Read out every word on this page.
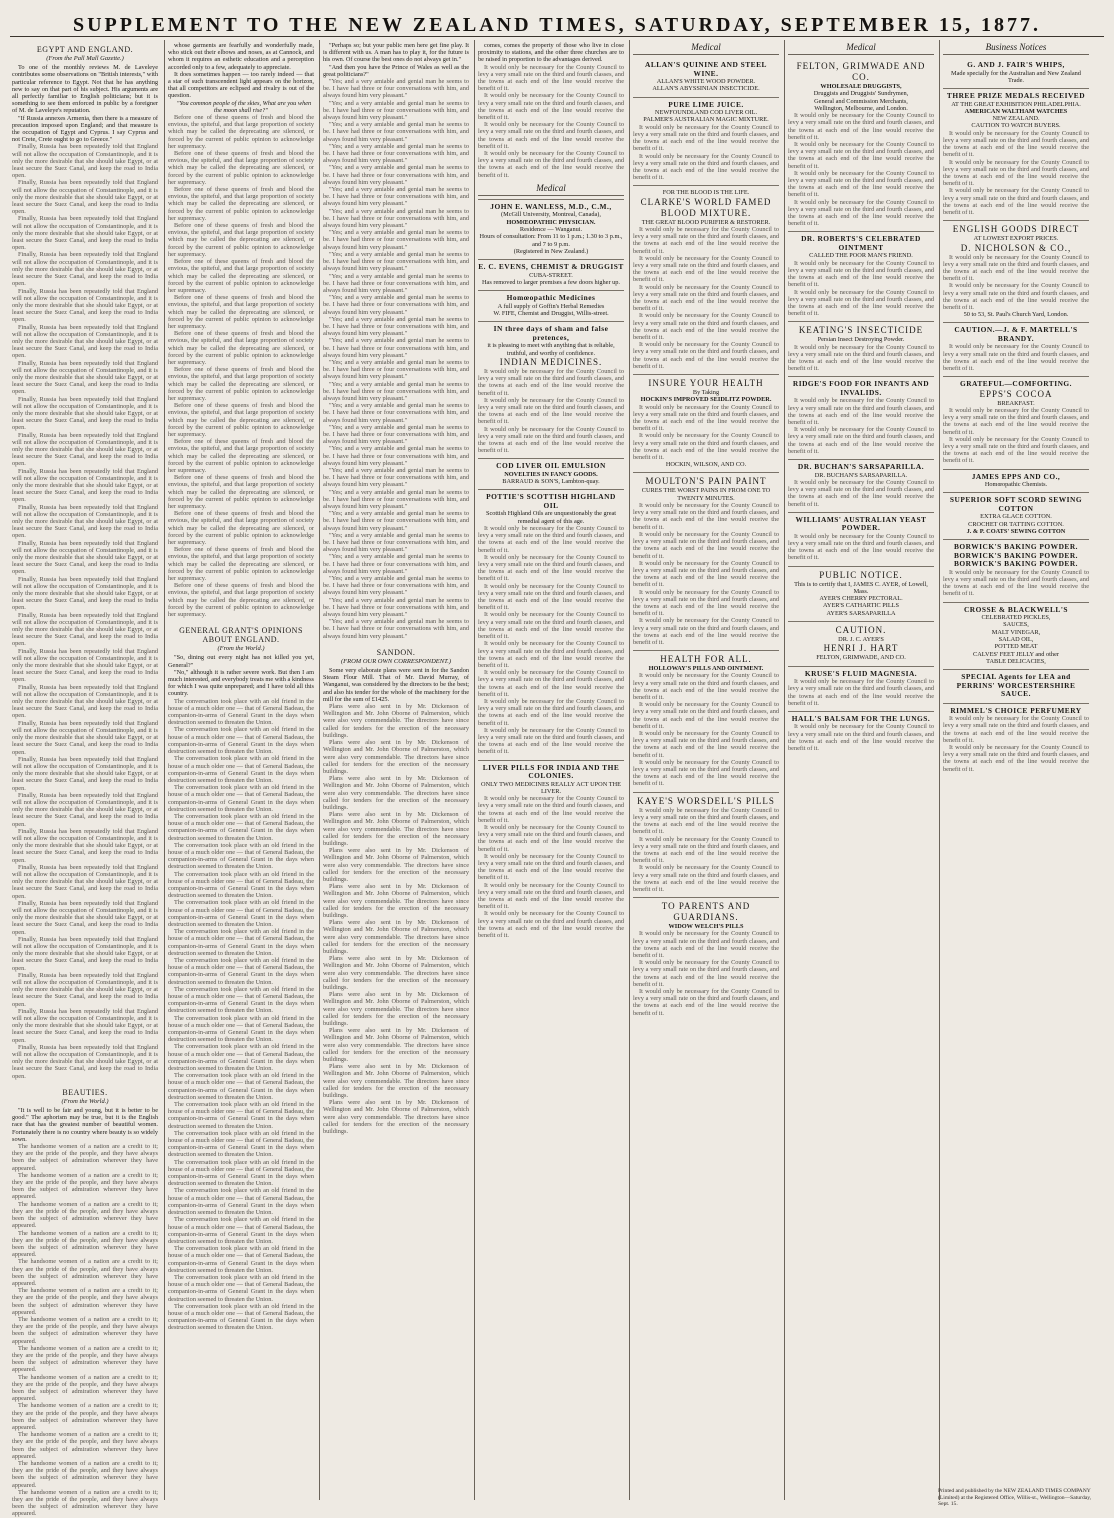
SUPPLEMENT TO THE NEW ZEALAND TIMES, SATURDAY, SEPTEMBER 15, 1877.
EGYPT AND ENGLAND.
(From the Pall Mall Gazette.)

To one of the monthly reviews M. de Laveleye contributes some observations on "British interests," with particular reference to Egypt. Not that he has anything new to say on that part of his subject. His arguments are all perfectly familiar to English politicians; but it is something to see them enforced in public by a foreigner of M. de Laveleye's reputation.

"If Russia annexes Armenia, then there is a measure of precaution imposed upon England; and that measure is the occupation of Egypt and Cyprus. I say Cyprus and not Crete, Crete ought to go to Greece."

Finally, Russia has been repeatedly told that England will not allow the occupation of Constantinople, and it is only the more desirable that she should take Egypt, or at least secure the Suez Canal, and keep the road to India open.

Finally, Russia has been repeatedly told that England will not allow the occupation of Constantinople, and it is only the more desirable that she should take Egypt, or at least secure the Suez Canal, and keep the road to India open.

Finally, Russia has been repeatedly told that England will not allow the occupation of Constantinople, and it is only the more desirable that she should take Egypt, or at least secure the Suez Canal, and keep the road to India open.

Finally, Russia has been repeatedly told that England will not allow the occupation of Constantinople, and it is only the more desirable that she should take Egypt, or at least secure the Suez Canal, and keep the road to India open.

Finally, Russia has been repeatedly told that England will not allow the occupation of Constantinople, and it is only the more desirable that she should take Egypt, or at least secure the Suez Canal, and keep the road to India open.

Finally, Russia has been repeatedly told that England will not allow the occupation of Constantinople, and it is only the more desirable that she should take Egypt, or at least secure the Suez Canal, and keep the road to India open.

Finally, Russia has been repeatedly told that England will not allow the occupation of Constantinople, and it is only the more desirable that she should take Egypt, or at least secure the Suez Canal, and keep the road to India open.

Finally, Russia has been repeatedly told that England will not allow the occupation of Constantinople, and it is only the more desirable that she should take Egypt, or at least secure the Suez Canal, and keep the road to India open.

Finally, Russia has been repeatedly told that England will not allow the occupation of Constantinople, and it is only the more desirable that she should take Egypt, or at least secure the Suez Canal, and keep the road to India open.

Finally, Russia has been repeatedly told that England will not allow the occupation of Constantinople, and it is only the more desirable that she should take Egypt, or at least secure the Suez Canal, and keep the road to India open.

Finally, Russia has been repeatedly told that England will not allow the occupation of Constantinople, and it is only the more desirable that she should take Egypt, or at least secure the Suez Canal, and keep the road to India open.

Finally, Russia has been repeatedly told that England will not allow the occupation of Constantinople, and it is only the more desirable that she should take Egypt, or at least secure the Suez Canal, and keep the road to India open.

Finally, Russia has been repeatedly told that England will not allow the occupation of Constantinople, and it is only the more desirable that she should take Egypt, or at least secure the Suez Canal, and keep the road to India open.

Finally, Russia has been repeatedly told that England will not allow the occupation of Constantinople, and it is only the more desirable that she should take Egypt, or at least secure the Suez Canal, and keep the road to India open.

Finally, Russia has been repeatedly told that England will not allow the occupation of Constantinople, and it is only the more desirable that she should take Egypt, or at least secure the Suez Canal, and keep the road to India open.

Finally, Russia has been repeatedly told that England will not allow the occupation of Constantinople, and it is only the more desirable that she should take Egypt, or at least secure the Suez Canal, and keep the road to India open.

Finally, Russia has been repeatedly told that England will not allow the occupation of Constantinople, and it is only the more desirable that she should take Egypt, or at least secure the Suez Canal, and keep the road to India open.

Finally, Russia has been repeatedly told that England will not allow the occupation of Constantinople, and it is only the more desirable that she should take Egypt, or at least secure the Suez Canal, and keep the road to India open.

Finally, Russia has been repeatedly told that England will not allow the occupation of Constantinople, and it is only the more desirable that she should take Egypt, or at least secure the Suez Canal, and keep the road to India open.

Finally, Russia has been repeatedly told that England will not allow the occupation of Constantinople, and it is only the more desirable that she should take Egypt, or at least secure the Suez Canal, and keep the road to India open.

Finally, Russia has been repeatedly told that England will not allow the occupation of Constantinople, and it is only the more desirable that she should take Egypt, or at least secure the Suez Canal, and keep the road to India open.

Finally, Russia has been repeatedly told that England will not allow the occupation of Constantinople, and it is only the more desirable that she should take Egypt, or at least secure the Suez Canal, and keep the road to India open.

Finally, Russia has been repeatedly told that England will not allow the occupation of Constantinople, and it is only the more desirable that she should take Egypt, or at least secure the Suez Canal, and keep the road to India open.

Finally, Russia has been repeatedly told that England will not allow the occupation of Constantinople, and it is only the more desirable that she should take Egypt, or at least secure the Suez Canal, and keep the road to India open.

Finally, Russia has been repeatedly told that England will not allow the occupation of Constantinople, and it is only the more desirable that she should take Egypt, or at least secure the Suez Canal, and keep the road to India open.

Finally, Russia has been repeatedly told that England will not allow the occupation of Constantinople, and it is only the more desirable that she should take Egypt, or at least secure the Suez Canal, and keep the road to India open.

BEAUTIES.
(From the World.)

"It is well to be fair and young, but it is better to be good." The aphorism may be true, but it is the English race that has the greatest number of beautiful women. Fortunately there is no country where beauty is so widely sown.

The handsome women of a nation are a credit to it; they are the pride of the people, and they have always been the subject of admiration wherever they have appeared.

The handsome women of a nation are a credit to it; they are the pride of the people, and they have always been the subject of admiration wherever they have appeared.

The handsome women of a nation are a credit to it; they are the pride of the people, and they have always been the subject of admiration wherever they have appeared.

The handsome women of a nation are a credit to it; they are the pride of the people, and they have always been the subject of admiration wherever they have appeared.

The handsome women of a nation are a credit to it; they are the pride of the people, and they have always been the subject of admiration wherever they have appeared.

The handsome women of a nation are a credit to it; they are the pride of the people, and they have always been the subject of admiration wherever they have appeared.

The handsome women of a nation are a credit to it; they are the pride of the people, and they have always been the subject of admiration wherever they have appeared.

The handsome women of a nation are a credit to it; they are the pride of the people, and they have always been the subject of admiration wherever they have appeared.

The handsome women of a nation are a credit to it; they are the pride of the people, and they have always been the subject of admiration wherever they have appeared.

The handsome women of a nation are a credit to it; they are the pride of the people, and they have always been the subject of admiration wherever they have appeared.

The handsome women of a nation are a credit to it; they are the pride of the people, and they have always been the subject of admiration wherever they have appeared.

The handsome women of a nation are a credit to it; they are the pride of the people, and they have always been the subject of admiration wherever they have appeared.

The handsome women of a nation are a credit to it; they are the pride of the people, and they have always been the subject of admiration wherever they have appeared.

whose garments are fearfully and wonderfully made, who stick out their elbows and noses, as at Cannock, and whom it requires an esthetic education and a perception accorded only to a few, adequately to appreciate.

It does sometimes happen — too rarely indeed — that a star of such transcendent light appears on the horizon, that all competitors are eclipsed and rivalry is out of the question.

"You common people of the skies, What are you when the moon shall rise?"

Before one of these queens of fresh and blood the envious, the spiteful, and that large proportion of society which may be called the deprecating are silenced, or forced by the current of public opinion to acknowledge her supremacy.

Before one of these queens of fresh and blood the envious, the spiteful, and that large proportion of society which may be called the deprecating are silenced, or forced by the current of public opinion to acknowledge her supremacy.

Before one of these queens of fresh and blood the envious, the spiteful, and that large proportion of society which may be called the deprecating are silenced, or forced by the current of public opinion to acknowledge her supremacy.

Before one of these queens of fresh and blood the envious, the spiteful, and that large proportion of society which may be called the deprecating are silenced, or forced by the current of public opinion to acknowledge her supremacy.

Before one of these queens of fresh and blood the envious, the spiteful, and that large proportion of society which may be called the deprecating are silenced, or forced by the current of public opinion to acknowledge her supremacy.

Before one of these queens of fresh and blood the envious, the spiteful, and that large proportion of society which may be called the deprecating are silenced, or forced by the current of public opinion to acknowledge her supremacy.

Before one of these queens of fresh and blood the envious, the spiteful, and that large proportion of society which may be called the deprecating are silenced, or forced by the current of public opinion to acknowledge her supremacy.

Before one of these queens of fresh and blood the envious, the spiteful, and that large proportion of society which may be called the deprecating are silenced, or forced by the current of public opinion to acknowledge her supremacy.

Before one of these queens of fresh and blood the envious, the spiteful, and that large proportion of society which may be called the deprecating are silenced, or forced by the current of public opinion to acknowledge her supremacy.

Before one of these queens of fresh and blood the envious, the spiteful, and that large proportion of society which may be called the deprecating are silenced, or forced by the current of public opinion to acknowledge her supremacy.

Before one of these queens of fresh and blood the envious, the spiteful, and that large proportion of society which may be called the deprecating are silenced, or forced by the current of public opinion to acknowledge her supremacy.

Before one of these queens of fresh and blood the envious, the spiteful, and that large proportion of society which may be called the deprecating are silenced, or forced by the current of public opinion to acknowledge her supremacy.

Before one of these queens of fresh and blood the envious, the spiteful, and that large proportion of society which may be called the deprecating are silenced, or forced by the current of public opinion to acknowledge her supremacy.

Before one of these queens of fresh and blood the envious, the spiteful, and that large proportion of society which may be called the deprecating are silenced, or forced by the current of public opinion to acknowledge her supremacy.

GENERAL GRANT'S OPINIONS ABOUT ENGLAND.
(From the World.)

"So, dining out every night has not killed you yet, General?"

"No," although it is rather severe work. But then I am much interested, and everybody treats me with a kindness for which I was quite unprepared; and I have told all this country.

The conversation took place with an old friend in the house of a much older one — that of General Badeau, the companion-in-arms of General Grant in the days when destruction seemed to threaten the Union.

The conversation took place with an old friend in the house of a much older one — that of General Badeau, the companion-in-arms of General Grant in the days when destruction seemed to threaten the Union.

The conversation took place with an old friend in the house of a much older one — that of General Badeau, the companion-in-arms of General Grant in the days when destruction seemed to threaten the Union.

The conversation took place with an old friend in the house of a much older one — that of General Badeau, the companion-in-arms of General Grant in the days when destruction seemed to threaten the Union.

The conversation took place with an old friend in the house of a much older one — that of General Badeau, the companion-in-arms of General Grant in the days when destruction seemed to threaten the Union.

The conversation took place with an old friend in the house of a much older one — that of General Badeau, the companion-in-arms of General Grant in the days when destruction seemed to threaten the Union.

The conversation took place with an old friend in the house of a much older one — that of General Badeau, the companion-in-arms of General Grant in the days when destruction seemed to threaten the Union.

The conversation took place with an old friend in the house of a much older one — that of General Badeau, the companion-in-arms of General Grant in the days when destruction seemed to threaten the Union.

The conversation took place with an old friend in the house of a much older one — that of General Badeau, the companion-in-arms of General Grant in the days when destruction seemed to threaten the Union.

The conversation took place with an old friend in the house of a much older one — that of General Badeau, the companion-in-arms of General Grant in the days when destruction seemed to threaten the Union.

The conversation took place with an old friend in the house of a much older one — that of General Badeau, the companion-in-arms of General Grant in the days when destruction seemed to threaten the Union.

The conversation took place with an old friend in the house of a much older one — that of General Badeau, the companion-in-arms of General Grant in the days when destruction seemed to threaten the Union.

The conversation took place with an old friend in the house of a much older one — that of General Badeau, the companion-in-arms of General Grant in the days when destruction seemed to threaten the Union.

The conversation took place with an old friend in the house of a much older one — that of General Badeau, the companion-in-arms of General Grant in the days when destruction seemed to threaten the Union.

The conversation took place with an old friend in the house of a much older one — that of General Badeau, the companion-in-arms of General Grant in the days when destruction seemed to threaten the Union.

The conversation took place with an old friend in the house of a much older one — that of General Badeau, the companion-in-arms of General Grant in the days when destruction seemed to threaten the Union.

The conversation took place with an old friend in the house of a much older one — that of General Badeau, the companion-in-arms of General Grant in the days when destruction seemed to threaten the Union.

The conversation took place with an old friend in the house of a much older one — that of General Badeau, the companion-in-arms of General Grant in the days when destruction seemed to threaten the Union.

The conversation took place with an old friend in the house of a much older one — that of General Badeau, the companion-in-arms of General Grant in the days when destruction seemed to threaten the Union.

The conversation took place with an old friend in the house of a much older one — that of General Badeau, the companion-in-arms of General Grant in the days when destruction seemed to threaten the Union.

The conversation took place with an old friend in the house of a much older one — that of General Badeau, the companion-in-arms of General Grant in the days when destruction seemed to threaten the Union.

The conversation took place with an old friend in the house of a much older one — that of General Badeau, the companion-in-arms of General Grant in the days when destruction seemed to threaten the Union.

"Perhaps so; but your public men here get fine play. It is different with us. A man has to play it, for the future is his own. Of course the best ones do not always get in."

"And then you have the Prince of Wales as well as the great politicians?"

"Yes; and a very amiable and genial man he seems to be. I have had three or four conversations with him, and always found him very pleasant."

"Yes; and a very amiable and genial man he seems to be. I have had three or four conversations with him, and always found him very pleasant."

"Yes; and a very amiable and genial man he seems to be. I have had three or four conversations with him, and always found him very pleasant."

"Yes; and a very amiable and genial man he seems to be. I have had three or four conversations with him, and always found him very pleasant."

"Yes; and a very amiable and genial man he seems to be. I have had three or four conversations with him, and always found him very pleasant."

"Yes; and a very amiable and genial man he seems to be. I have had three or four conversations with him, and always found him very pleasant."

"Yes; and a very amiable and genial man he seems to be. I have had three or four conversations with him, and always found him very pleasant."

"Yes; and a very amiable and genial man he seems to be. I have had three or four conversations with him, and always found him very pleasant."

"Yes; and a very amiable and genial man he seems to be. I have had three or four conversations with him, and always found him very pleasant."

"Yes; and a very amiable and genial man he seems to be. I have had three or four conversations with him, and always found him very pleasant."

"Yes; and a very amiable and genial man he seems to be. I have had three or four conversations with him, and always found him very pleasant."

"Yes; and a very amiable and genial man he seems to be. I have had three or four conversations with him, and always found him very pleasant."

"Yes; and a very amiable and genial man he seems to be. I have had three or four conversations with him, and always found him very pleasant."

"Yes; and a very amiable and genial man he seems to be. I have had three or four conversations with him, and always found him very pleasant."

"Yes; and a very amiable and genial man he seems to be. I have had three or four conversations with him, and always found him very pleasant."

"Yes; and a very amiable and genial man he seems to be. I have had three or four conversations with him, and always found him very pleasant."

"Yes; and a very amiable and genial man he seems to be. I have had three or four conversations with him, and always found him very pleasant."

"Yes; and a very amiable and genial man he seems to be. I have had three or four conversations with him, and always found him very pleasant."

"Yes; and a very amiable and genial man he seems to be. I have had three or four conversations with him, and always found him very pleasant."

"Yes; and a very amiable and genial man he seems to be. I have had three or four conversations with him, and always found him very pleasant."

"Yes; and a very amiable and genial man he seems to be. I have had three or four conversations with him, and always found him very pleasant."

"Yes; and a very amiable and genial man he seems to be. I have had three or four conversations with him, and always found him very pleasant."

"Yes; and a very amiable and genial man he seems to be. I have had three or four conversations with him, and always found him very pleasant."

"Yes; and a very amiable and genial man he seems to be. I have had three or four conversations with him, and always found him very pleasant."

"Yes; and a very amiable and genial man he seems to be. I have had three or four conversations with him, and always found him very pleasant."

"Yes; and a very amiable and genial man he seems to be. I have had three or four conversations with him, and always found him very pleasant."

SANDON.
(FROM OUR OWN CORRESPONDENT.)

Some very elaborate plans were sent in for the Sandon Steam Flour Mill. That of Mr. David Murray, of Wanganui, was considered by the directors to be the best; and also his tender for the whole of the machinery for the mill for the sum of £1425.

Plans were also sent in by Mr. Dickenson of Wellington and Mr. John Oborne of Palmerston, which were also very commendable. The directors have since called for tenders for the erection of the necessary buildings.

Plans were also sent in by Mr. Dickenson of Wellington and Mr. John Oborne of Palmerston, which were also very commendable. The directors have since called for tenders for the erection of the necessary buildings.

Plans were also sent in by Mr. Dickenson of Wellington and Mr. John Oborne of Palmerston, which were also very commendable. The directors have since called for tenders for the erection of the necessary buildings.

Plans were also sent in by Mr. Dickenson of Wellington and Mr. John Oborne of Palmerston, which were also very commendable. The directors have since called for tenders for the erection of the necessary buildings.

Plans were also sent in by Mr. Dickenson of Wellington and Mr. John Oborne of Palmerston, which were also very commendable. The directors have since called for tenders for the erection of the necessary buildings.

Plans were also sent in by Mr. Dickenson of Wellington and Mr. John Oborne of Palmerston, which were also very commendable. The directors have since called for tenders for the erection of the necessary buildings.

Plans were also sent in by Mr. Dickenson of Wellington and Mr. John Oborne of Palmerston, which were also very commendable. The directors have since called for tenders for the erection of the necessary buildings.

Plans were also sent in by Mr. Dickenson of Wellington and Mr. John Oborne of Palmerston, which were also very commendable. The directors have since called for tenders for the erection of the necessary buildings.

Plans were also sent in by Mr. Dickenson of Wellington and Mr. John Oborne of Palmerston, which were also very commendable. The directors have since called for tenders for the erection of the necessary buildings.

Plans were also sent in by Mr. Dickenson of Wellington and Mr. John Oborne of Palmerston, which were also very commendable. The directors have since called for tenders for the erection of the necessary buildings.

Plans were also sent in by Mr. Dickenson of Wellington and Mr. John Oborne of Palmerston, which were also very commendable. The directors have since called for tenders for the erection of the necessary buildings.

Plans were also sent in by Mr. Dickenson of Wellington and Mr. John Oborne of Palmerston, which were also very commendable. The directors have since called for tenders for the erection of the necessary buildings.

comes, comes the property of those who live in close proximity to stations, and the other three churches are to be raised in proportion to the advantages derived.

It would only be necessary for the County Council to levy a very small rate on the third and fourth classes, and the towns at each end of the line would receive the benefit of it.

It would only be necessary for the County Council to levy a very small rate on the third and fourth classes, and the towns at each end of the line would receive the benefit of it.

It would only be necessary for the County Council to levy a very small rate on the third and fourth classes, and the towns at each end of the line would receive the benefit of it.

It would only be necessary for the County Council to levy a very small rate on the third and fourth classes, and the towns at each end of the line would receive the benefit of it.

Medical
JOHN E. WANLESS, M.D., C.M.,
(McGill University, Montreal, Canada),
HOMŒOPATHIC PHYSICIAN.
Residence — Wanganui.
Hours of consultation: From 11 to 1 p.m.; 1.30 to 3 p.m., and 7 to 9 p.m.
(Registered in New Zealand.)
E. C. EVENS, CHEMIST & DRUGGIST
CUBA-STREET.
Has removed to larger premises a few doors higher up.
Homœopathic Medicines
A full supply of Goffin's Herbal Remedies
W. FIFE, Chemist and Druggist, Willis-street.
IN three days of sham and false pretences,
it is pleasing to meet with anything that is reliable, truthful, and worthy of confidence.
INDIAN MEDICINES.

It would only be necessary for the County Council to levy a very small rate on the third and fourth classes, and the towns at each end of the line would receive the benefit of it.

It would only be necessary for the County Council to levy a very small rate on the third and fourth classes, and the towns at each end of the line would receive the benefit of it.

It would only be necessary for the County Council to levy a very small rate on the third and fourth classes, and the towns at each end of the line would receive the benefit of it.

COD LIVER OIL EMULSION
NOVELTIES IN FANCY GOODS.
BARRAUD & SON'S, Lambton-quay.
POTTIE'S SCOTTISH HIGHLAND OIL
Scottish Highland Oils are unquestionably the great remedial agent of this age.

It would only be necessary for the County Council to levy a very small rate on the third and fourth classes, and the towns at each end of the line would receive the benefit of it.

It would only be necessary for the County Council to levy a very small rate on the third and fourth classes, and the towns at each end of the line would receive the benefit of it.

It would only be necessary for the County Council to levy a very small rate on the third and fourth classes, and the towns at each end of the line would receive the benefit of it.

It would only be necessary for the County Council to levy a very small rate on the third and fourth classes, and the towns at each end of the line would receive the benefit of it.

It would only be necessary for the County Council to levy a very small rate on the third and fourth classes, and the towns at each end of the line would receive the benefit of it.

It would only be necessary for the County Council to levy a very small rate on the third and fourth classes, and the towns at each end of the line would receive the benefit of it.

It would only be necessary for the County Council to levy a very small rate on the third and fourth classes, and the towns at each end of the line would receive the benefit of it.

It would only be necessary for the County Council to levy a very small rate on the third and fourth classes, and the towns at each end of the line would receive the benefit of it.

LIVER PILLS FOR INDIA AND THE COLONIES.
ONLY TWO MEDICINES REALLY ACT UPON THE LIVER.

It would only be necessary for the County Council to levy a very small rate on the third and fourth classes, and the towns at each end of the line would receive the benefit of it.

It would only be necessary for the County Council to levy a very small rate on the third and fourth classes, and the towns at each end of the line would receive the benefit of it.

It would only be necessary for the County Council to levy a very small rate on the third and fourth classes, and the towns at each end of the line would receive the benefit of it.

It would only be necessary for the County Council to levy a very small rate on the third and fourth classes, and the towns at each end of the line would receive the benefit of it.

It would only be necessary for the County Council to levy a very small rate on the third and fourth classes, and the towns at each end of the line would receive the benefit of it.

Medical
ALLAN'S QUININE AND STEEL WINE.
ALLAN'S WHITE WOOD POWDER.
ALLAN'S ABYSSINIAN INSECTICIDE.
PURE LIME JUICE.
NEWFOUNDLAND COD LIVER OIL.
PALMER'S AUSTRALIAN MAGIC MIXTURE.

It would only be necessary for the County Council to levy a very small rate on the third and fourth classes, and the towns at each end of the line would receive the benefit of it.

It would only be necessary for the County Council to levy a very small rate on the third and fourth classes, and the towns at each end of the line would receive the benefit of it.

FOR THE BLOOD IS THE LIFE.
CLARKE'S WORLD FAMED BLOOD MIXTURE.
THE GREAT BLOOD PURIFIER & RESTORER.

It would only be necessary for the County Council to levy a very small rate on the third and fourth classes, and the towns at each end of the line would receive the benefit of it.

It would only be necessary for the County Council to levy a very small rate on the third and fourth classes, and the towns at each end of the line would receive the benefit of it.

It would only be necessary for the County Council to levy a very small rate on the third and fourth classes, and the towns at each end of the line would receive the benefit of it.

It would only be necessary for the County Council to levy a very small rate on the third and fourth classes, and the towns at each end of the line would receive the benefit of it.

It would only be necessary for the County Council to levy a very small rate on the third and fourth classes, and the towns at each end of the line would receive the benefit of it.

INSURE YOUR HEALTH
By Taking
HOCKIN'S IMPROVED SEIDLITZ POWDER.

It would only be necessary for the County Council to levy a very small rate on the third and fourth classes, and the towns at each end of the line would receive the benefit of it.

It would only be necessary for the County Council to levy a very small rate on the third and fourth classes, and the towns at each end of the line would receive the benefit of it.

HOCKIN, WILSON, AND CO.
MOULTON'S PAIN PAINT
CURES THE WORST PAINS IN FROM ONE TO TWENTY MINUTES.

It would only be necessary for the County Council to levy a very small rate on the third and fourth classes, and the towns at each end of the line would receive the benefit of it.

It would only be necessary for the County Council to levy a very small rate on the third and fourth classes, and the towns at each end of the line would receive the benefit of it.

It would only be necessary for the County Council to levy a very small rate on the third and fourth classes, and the towns at each end of the line would receive the benefit of it.

It would only be necessary for the County Council to levy a very small rate on the third and fourth classes, and the towns at each end of the line would receive the benefit of it.

It would only be necessary for the County Council to levy a very small rate on the third and fourth classes, and the towns at each end of the line would receive the benefit of it.

HEALTH FOR ALL.
HOLLOWAY'S PILLS AND OINTMENT.

It would only be necessary for the County Council to levy a very small rate on the third and fourth classes, and the towns at each end of the line would receive the benefit of it.

It would only be necessary for the County Council to levy a very small rate on the third and fourth classes, and the towns at each end of the line would receive the benefit of it.

It would only be necessary for the County Council to levy a very small rate on the third and fourth classes, and the towns at each end of the line would receive the benefit of it.

It would only be necessary for the County Council to levy a very small rate on the third and fourth classes, and the towns at each end of the line would receive the benefit of it.

KAYE'S WORSDELL'S PILLS

It would only be necessary for the County Council to levy a very small rate on the third and fourth classes, and the towns at each end of the line would receive the benefit of it.

It would only be necessary for the County Council to levy a very small rate on the third and fourth classes, and the towns at each end of the line would receive the benefit of it.

It would only be necessary for the County Council to levy a very small rate on the third and fourth classes, and the towns at each end of the line would receive the benefit of it.

TO PARENTS AND GUARDIANS.
WIDOW WELCH'S PILLS

It would only be necessary for the County Council to levy a very small rate on the third and fourth classes, and the towns at each end of the line would receive the benefit of it.

It would only be necessary for the County Council to levy a very small rate on the third and fourth classes, and the towns at each end of the line would receive the benefit of it.

It would only be necessary for the County Council to levy a very small rate on the third and fourth classes, and the towns at each end of the line would receive the benefit of it.

Medical
FELTON, GRIMWADE AND CO.
WHOLESALE DRUGGISTS,
Druggists and Druggists' Sundrymen,
General and Commission Merchants,
Wellington, Melbourne, and London.

It would only be necessary for the County Council to levy a very small rate on the third and fourth classes, and the towns at each end of the line would receive the benefit of it.

It would only be necessary for the County Council to levy a very small rate on the third and fourth classes, and the towns at each end of the line would receive the benefit of it.

It would only be necessary for the County Council to levy a very small rate on the third and fourth classes, and the towns at each end of the line would receive the benefit of it.

It would only be necessary for the County Council to levy a very small rate on the third and fourth classes, and the towns at each end of the line would receive the benefit of it.

DR. ROBERTS'S CELEBRATED OINTMENT
CALLED THE POOR MAN'S FRIEND.

It would only be necessary for the County Council to levy a very small rate on the third and fourth classes, and the towns at each end of the line would receive the benefit of it.

It would only be necessary for the County Council to levy a very small rate on the third and fourth classes, and the towns at each end of the line would receive the benefit of it.

KEATING'S INSECTICIDE
Persian Insect Destroying Powder.

It would only be necessary for the County Council to levy a very small rate on the third and fourth classes, and the towns at each end of the line would receive the benefit of it.

RIDGE'S FOOD FOR INFANTS AND INVALIDS.

It would only be necessary for the County Council to levy a very small rate on the third and fourth classes, and the towns at each end of the line would receive the benefit of it.

It would only be necessary for the County Council to levy a very small rate on the third and fourth classes, and the towns at each end of the line would receive the benefit of it.

DR. BUCHAN'S SARSAPARILLA.
DR. BUCHAN'S SARSAPARILLA.

It would only be necessary for the County Council to levy a very small rate on the third and fourth classes, and the towns at each end of the line would receive the benefit of it.

WILLIAMS' AUSTRALIAN YEAST POWDER.

It would only be necessary for the County Council to levy a very small rate on the third and fourth classes, and the towns at each end of the line would receive the benefit of it.

PUBLIC NOTICE.
This is to certify that I, JAMES C. AYER, of Lowell, Mass.
AYER'S CHERRY PECTORAL.
AYER'S CATHARTIC PILLS
AYER'S SARSAPARILLA
CAUTION.
DR. J. C. AYER'S
HENRI J. HART
FELTON, GRIMWADE, AND CO.
KRUSE'S FLUID MAGNESIA.

It would only be necessary for the County Council to levy a very small rate on the third and fourth classes, and the towns at each end of the line would receive the benefit of it.

HALL'S BALSAM FOR THE LUNGS.

It would only be necessary for the County Council to levy a very small rate on the third and fourth classes, and the towns at each end of the line would receive the benefit of it.

Business Notices
G. AND J. FAIR'S WHIPS,
Made specially for the Australian and New Zealand Trade.
THREE PRIZE MEDALS RECEIVED
AT THE GREAT EXHIBITION PHILADELPHIA.
AMERICAN WALTHAM WATCHES
NEW ZEALAND.
CAUTION TO WATCH BUYERS.

It would only be necessary for the County Council to levy a very small rate on the third and fourth classes, and the towns at each end of the line would receive the benefit of it.

It would only be necessary for the County Council to levy a very small rate on the third and fourth classes, and the towns at each end of the line would receive the benefit of it.

It would only be necessary for the County Council to levy a very small rate on the third and fourth classes, and the towns at each end of the line would receive the benefit of it.

ENGLISH GOODS DIRECT
AT LOWEST EXPORT PRICES.
D. NICHOLSON & CO.,

It would only be necessary for the County Council to levy a very small rate on the third and fourth classes, and the towns at each end of the line would receive the benefit of it.

It would only be necessary for the County Council to levy a very small rate on the third and fourth classes, and the towns at each end of the line would receive the benefit of it.

50 to 53, St. Paul's Church Yard, London.
CAUTION.—J. & F. MARTELL'S BRANDY.

It would only be necessary for the County Council to levy a very small rate on the third and fourth classes, and the towns at each end of the line would receive the benefit of it.

GRATEFUL—COMFORTING.
EPPS'S COCOA
BREAKFAST.

It would only be necessary for the County Council to levy a very small rate on the third and fourth classes, and the towns at each end of the line would receive the benefit of it.

It would only be necessary for the County Council to levy a very small rate on the third and fourth classes, and the towns at each end of the line would receive the benefit of it.

JAMES EPPS AND CO.,
Homœopathic Chemists.
SUPERIOR SOFT SCORD SEWING COTTON
EXTRA GLACE COTTON.
CROCHET OR TATTING COTTON.
J. & P. COATS' SEWING COTTON
BORWICK'S BAKING POWDER.
BORWICK'S BAKING POWDER.
BORWICK'S BAKING POWDER.

It would only be necessary for the County Council to levy a very small rate on the third and fourth classes, and the towns at each end of the line would receive the benefit of it.

CROSSE & BLACKWELL'S
CELEBRATED PICKLES,
SAUCES,
MALT VINEGAR,
SALAD OIL,
POTTED MEAT
CALVES' FEET JELLY and other
TABLE DELICACIES,
SPECIAL Agents for LEA and PERRINS' WORCESTERSHIRE SAUCE.
RIMMEL'S CHOICE PERFUMERY

It would only be necessary for the County Council to levy a very small rate on the third and fourth classes, and the towns at each end of the line would receive the benefit of it.

It would only be necessary for the County Council to levy a very small rate on the third and fourth classes, and the towns at each end of the line would receive the benefit of it.

Printed and published by the NEW ZEALAND TIMES COMPANY (Limited) at the Registered Office, Willis-st., Wellington—Saturday, Sept. 15.
